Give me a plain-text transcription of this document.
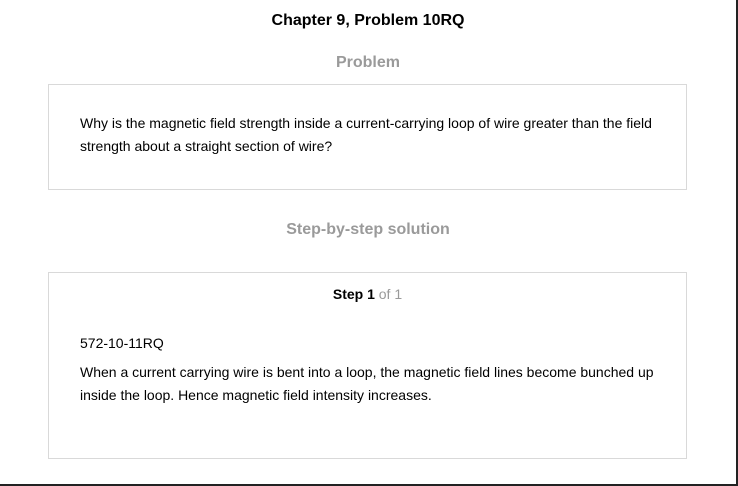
Chapter 9, Problem 10RQ
Problem
Why is the magnetic field strength inside a current-carrying loop of wire greater than the field strength about a straight section of wire?
Step-by-step solution
Step 1 of 1
572-10-11RQ
When a current carrying wire is bent into a loop, the magnetic field lines become bunched up inside the loop. Hence magnetic field intensity increases.
